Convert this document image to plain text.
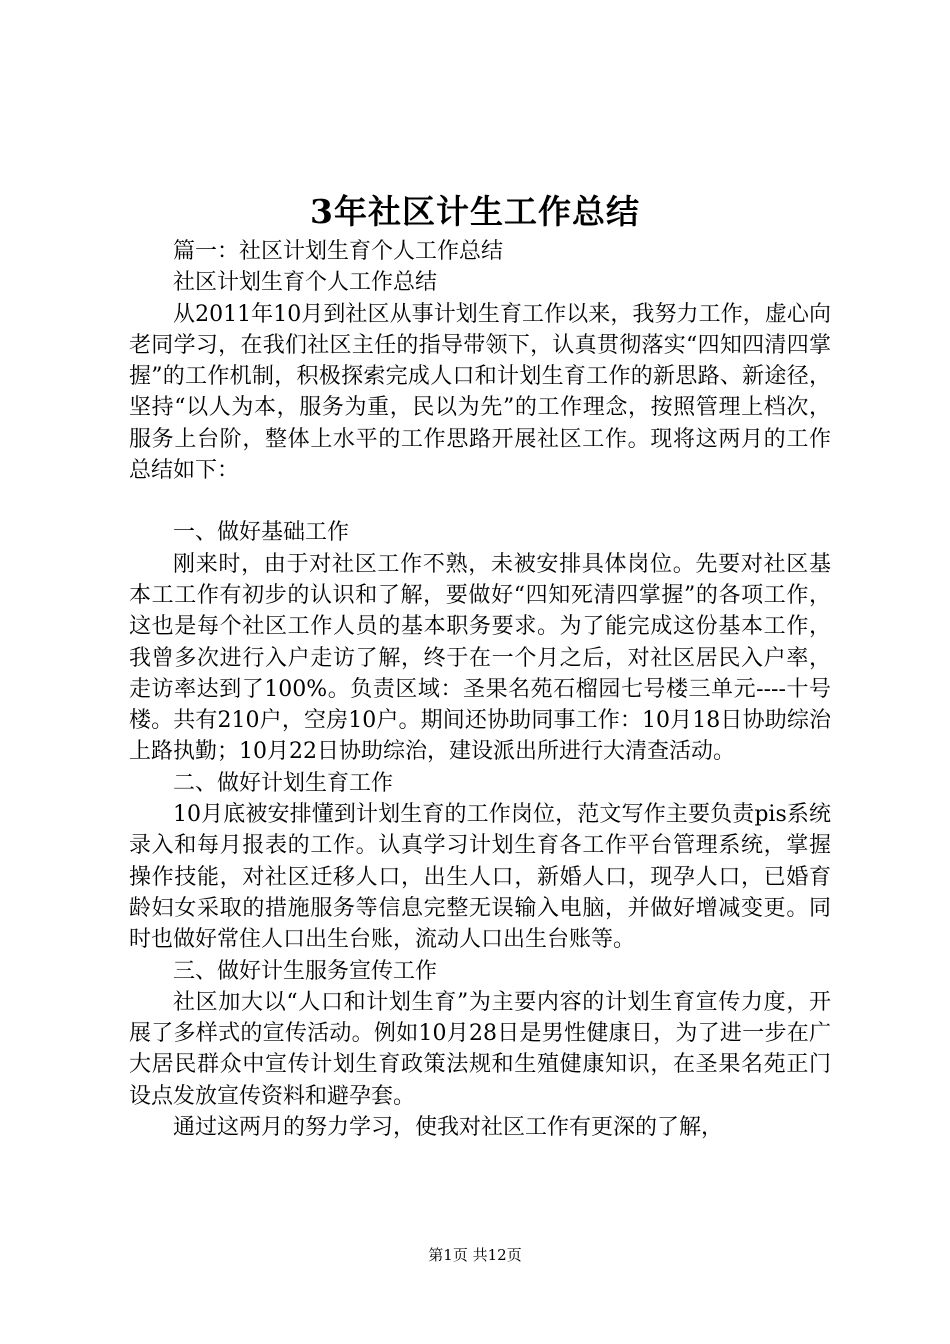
3年社区计生工作总结

篇一：社区计划生育个人工作总结

社区计划生育个人工作总结

从2011年10月到社区从事计划生育工作以来，我努力工作，虚心向老同学习，在我们社区主任的指导带领下，认真贯彻落实“四知四清四掌握”的工作机制，积极探索完成人口和计划生育工作的新思路、新途径，坚持“以人为本，服务为重，民以为先”的工作理念，按照管理上档次，服务上台阶，整体上水平的工作思路开展社区工作。现将这两月的工作总结如下：

一、做好基础工作

刚来时，由于对社区工作不熟，未被安排具体岗位。先要对社区基本工工作有初步的认识和了解，要做好“四知死清四掌握”的各项工作，这也是每个社区工作人员的基本职务要求。为了能完成这份基本工作，我曾多次进行入户走访了解，终于在一个月之后，对社区居民入户率，走访率达到了100%。负责区域：圣果名苑石榴园七号楼三单元----十号楼。共有210户，空房10户。期间还协助同事工作：10月18日协助综治上路执勤；10月22日协助综治，建设派出所进行大清查活动。

二、做好计划生育工作

10月底被安排懂到计划生育的工作岗位，范文写作主要负责pis系统录入和每月报表的工作。认真学习计划生育各工作平台管理系统，掌握操作技能，对社区迁移人口，出生人口，新婚人口，现孕人口，已婚育龄妇女采取的措施服务等信息完整无误输入电脑，并做好增减变更。同时也做好常住人口出生台账，流动人口出生台账等。

三、做好计生服务宣传工作

社区加大以“人口和计划生育”为主要内容的计划生育宣传力度，开展了多样式的宣传活动。例如10月28日是男性健康日，为了进一步在广大居民群众中宣传计划生育政策法规和生殖健康知识，在圣果名苑正门设点发放宣传资料和避孕套。

通过这两月的努力学习，使我对社区工作有更深的了解，

第1页 共12页
